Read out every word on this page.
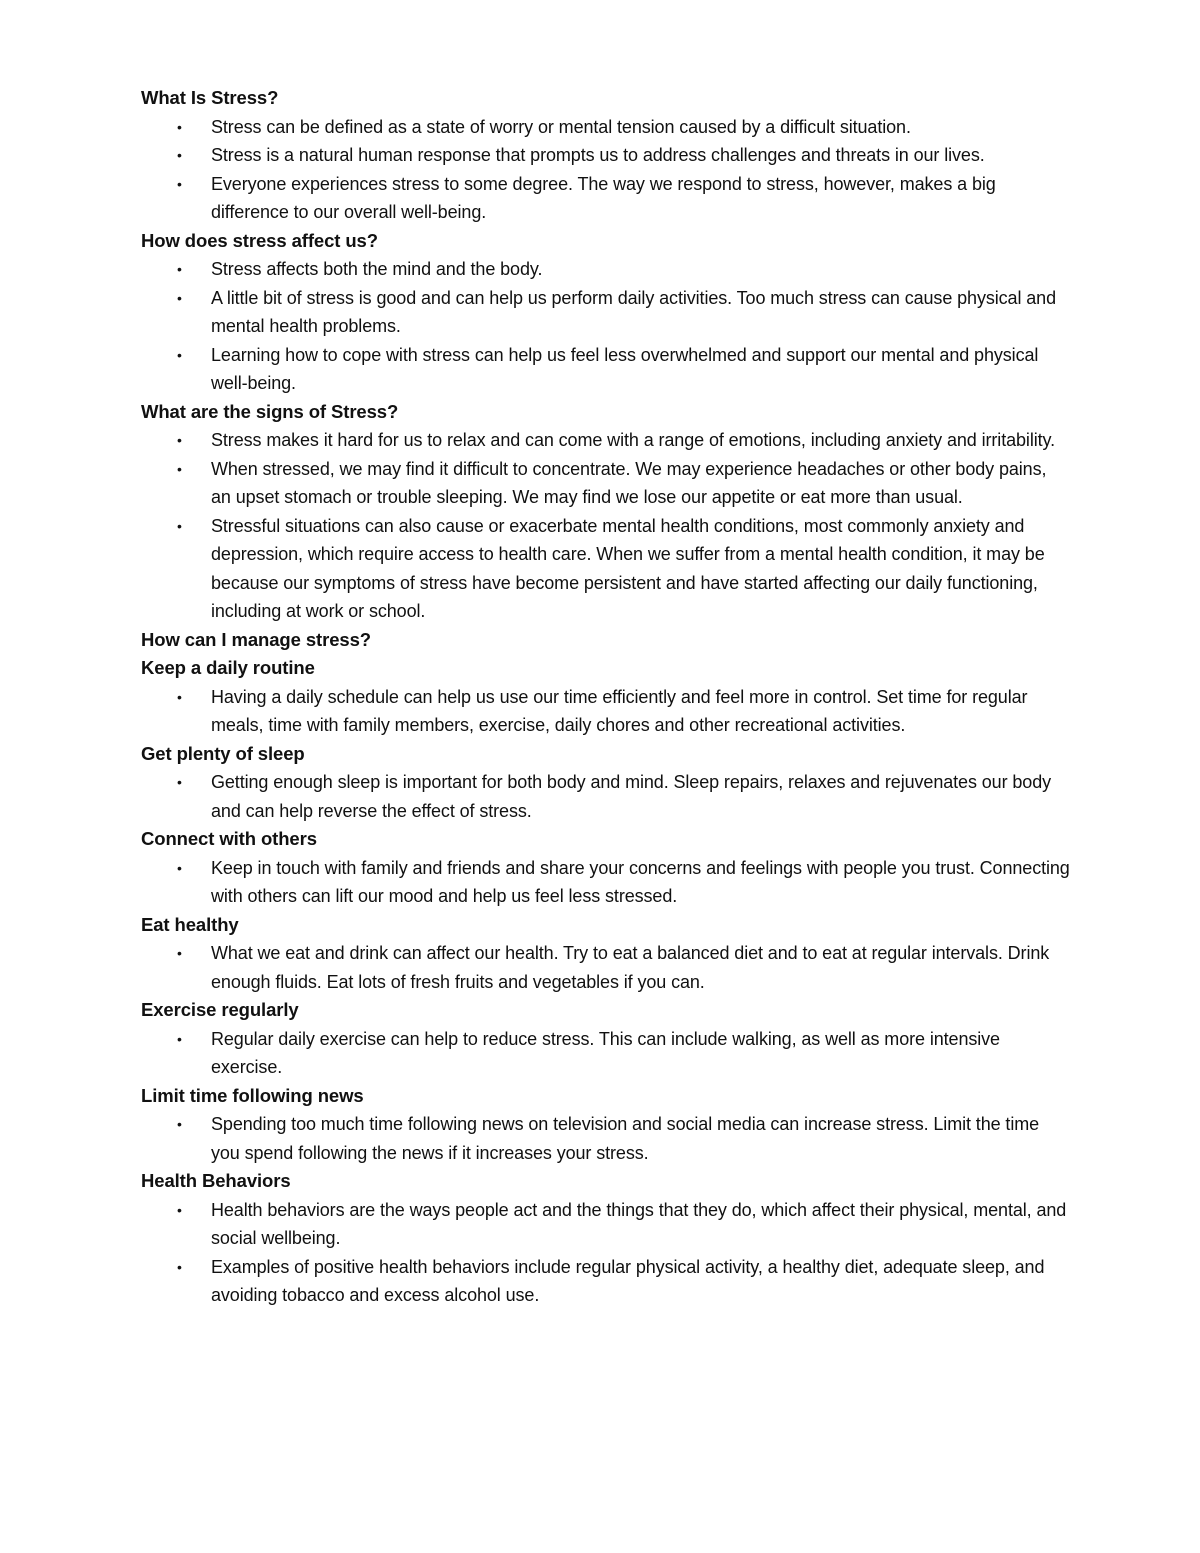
What Is Stress?

• Stress can be defined as a state of worry or mental tension caused by a difficult situation.
• Stress is a natural human response that prompts us to address challenges and threats in our lives.
• Everyone experiences stress to some degree. The way we respond to stress, however, makes a big difference to our overall well-being.

How does stress affect us?

• Stress affects both the mind and the body.
• A little bit of stress is good and can help us perform daily activities. Too much stress can cause physical and mental health problems.
• Learning how to cope with stress can help us feel less overwhelmed and support our mental and physical well-being.

What are the signs of Stress?

• Stress makes it hard for us to relax and can come with a range of emotions, including anxiety and irritability.
• When stressed, we may find it difficult to concentrate. We may experience headaches or other body pains, an upset stomach or trouble sleeping. We may find we lose our appetite or eat more than usual.
• Stressful situations can also cause or exacerbate mental health conditions, most commonly anxiety and depression, which require access to health care. When we suffer from a mental health condition, it may be because our symptoms of stress have become persistent and have started affecting our daily functioning, including at work or school.

How can I manage stress?

Keep a daily routine

• Having a daily schedule can help us use our time efficiently and feel more in control. Set time for regular meals, time with family members, exercise, daily chores and other recreational activities.

Get plenty of sleep

• Getting enough sleep is important for both body and mind. Sleep repairs, relaxes and rejuvenates our body and can help reverse the effect of stress.

Connect with others

• Keep in touch with family and friends and share your concerns and feelings with people you trust. Connecting with others can lift our mood and help us feel less stressed.

Eat healthy

• What we eat and drink can affect our health. Try to eat a balanced diet and to eat at regular intervals. Drink enough fluids. Eat lots of fresh fruits and vegetables if you can.

Exercise regularly

• Regular daily exercise can help to reduce stress. This can include walking, as well as more intensive exercise.

Limit time following news

• Spending too much time following news on television and social media can increase stress. Limit the time you spend following the news if it increases your stress.

Health Behaviors

• Health behaviors are the ways people act and the things that they do, which affect their physical, mental, and social wellbeing.
• Examples of positive health behaviors include regular physical activity, a healthy diet, adequate sleep, and avoiding tobacco and excess alcohol use.
